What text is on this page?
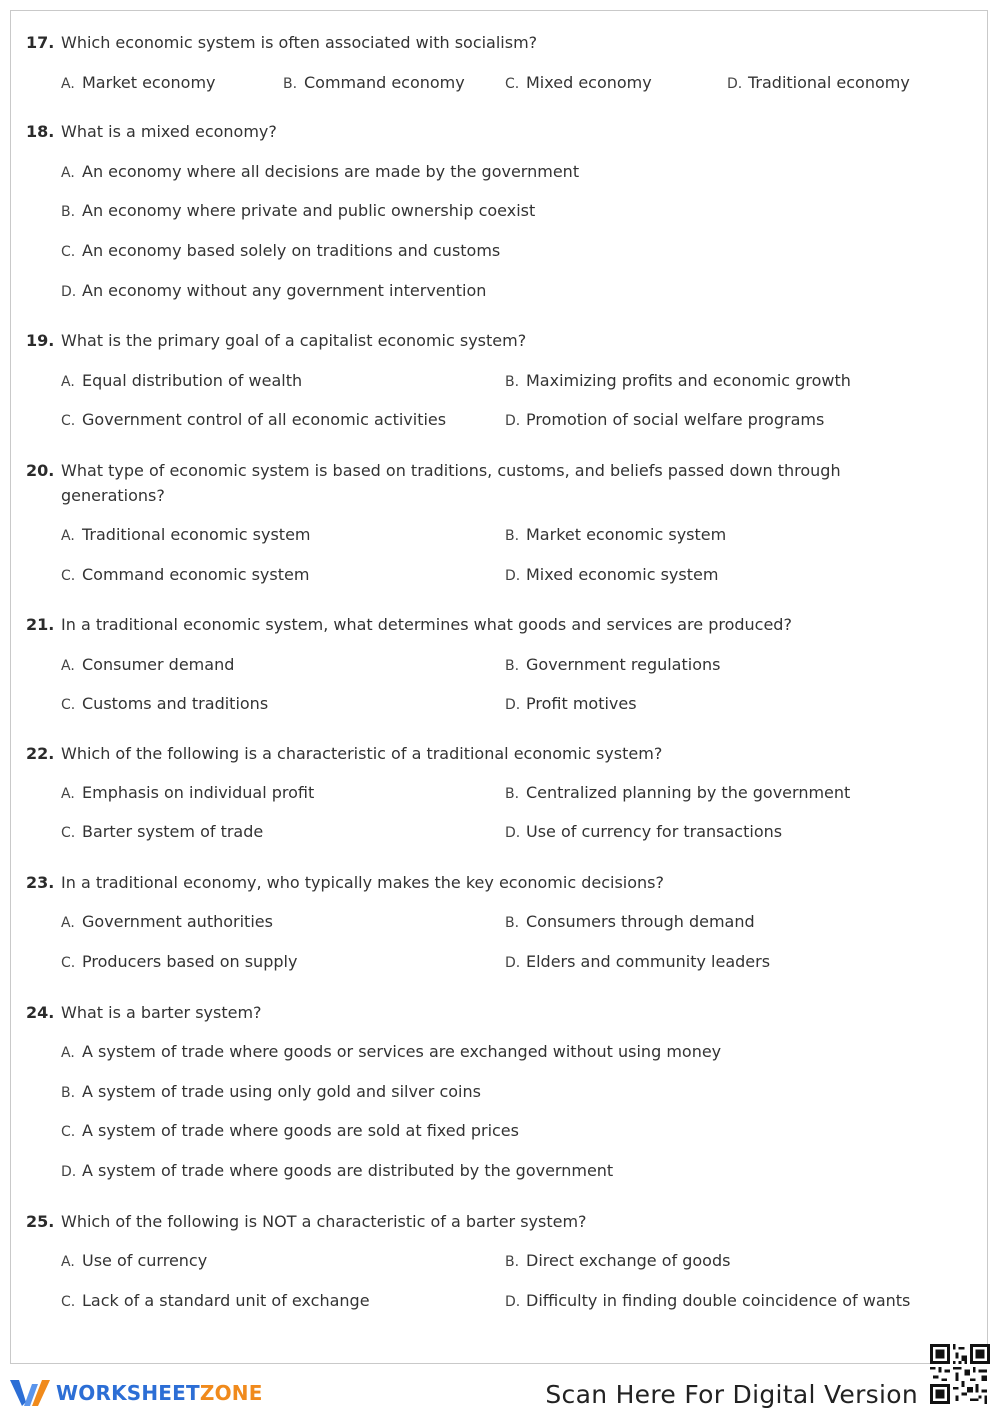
17. Which economic system is often associated with socialism?
A. Market economy	B. Command economy	C. Mixed economy	D. Traditional economy
18. What is a mixed economy?
A. An economy where all decisions are made by the government
B. An economy where private and public ownership coexist
C. An economy based solely on traditions and customs
D. An economy without any government intervention
19. What is the primary goal of a capitalist economic system?
A. Equal distribution of wealth	B. Maximizing profits and economic growth
C. Government control of all economic activities	D. Promotion of social welfare programs
20. What type of economic system is based on traditions, customs, and beliefs passed down through generations?
A. Traditional economic system	B. Market economic system
C. Command economic system	D. Mixed economic system
21. In a traditional economic system, what determines what goods and services are produced?
A. Consumer demand	B. Government regulations
C. Customs and traditions	D. Profit motives
22. Which of the following is a characteristic of a traditional economic system?
A. Emphasis on individual profit	B. Centralized planning by the government
C. Barter system of trade	D. Use of currency for transactions
23. In a traditional economy, who typically makes the key economic decisions?
A. Government authorities	B. Consumers through demand
C. Producers based on supply	D. Elders and community leaders
24. What is a barter system?
A. A system of trade where goods or services are exchanged without using money
B. A system of trade using only gold and silver coins
C. A system of trade where goods are sold at fixed prices
D. A system of trade where goods are distributed by the government
25. Which of the following is NOT a characteristic of a barter system?
A. Use of currency	B. Direct exchange of goods
C. Lack of a standard unit of exchange	D. Difficulty in finding double coincidence of wants
WORKSHEETZONE	Scan Here For Digital Version
